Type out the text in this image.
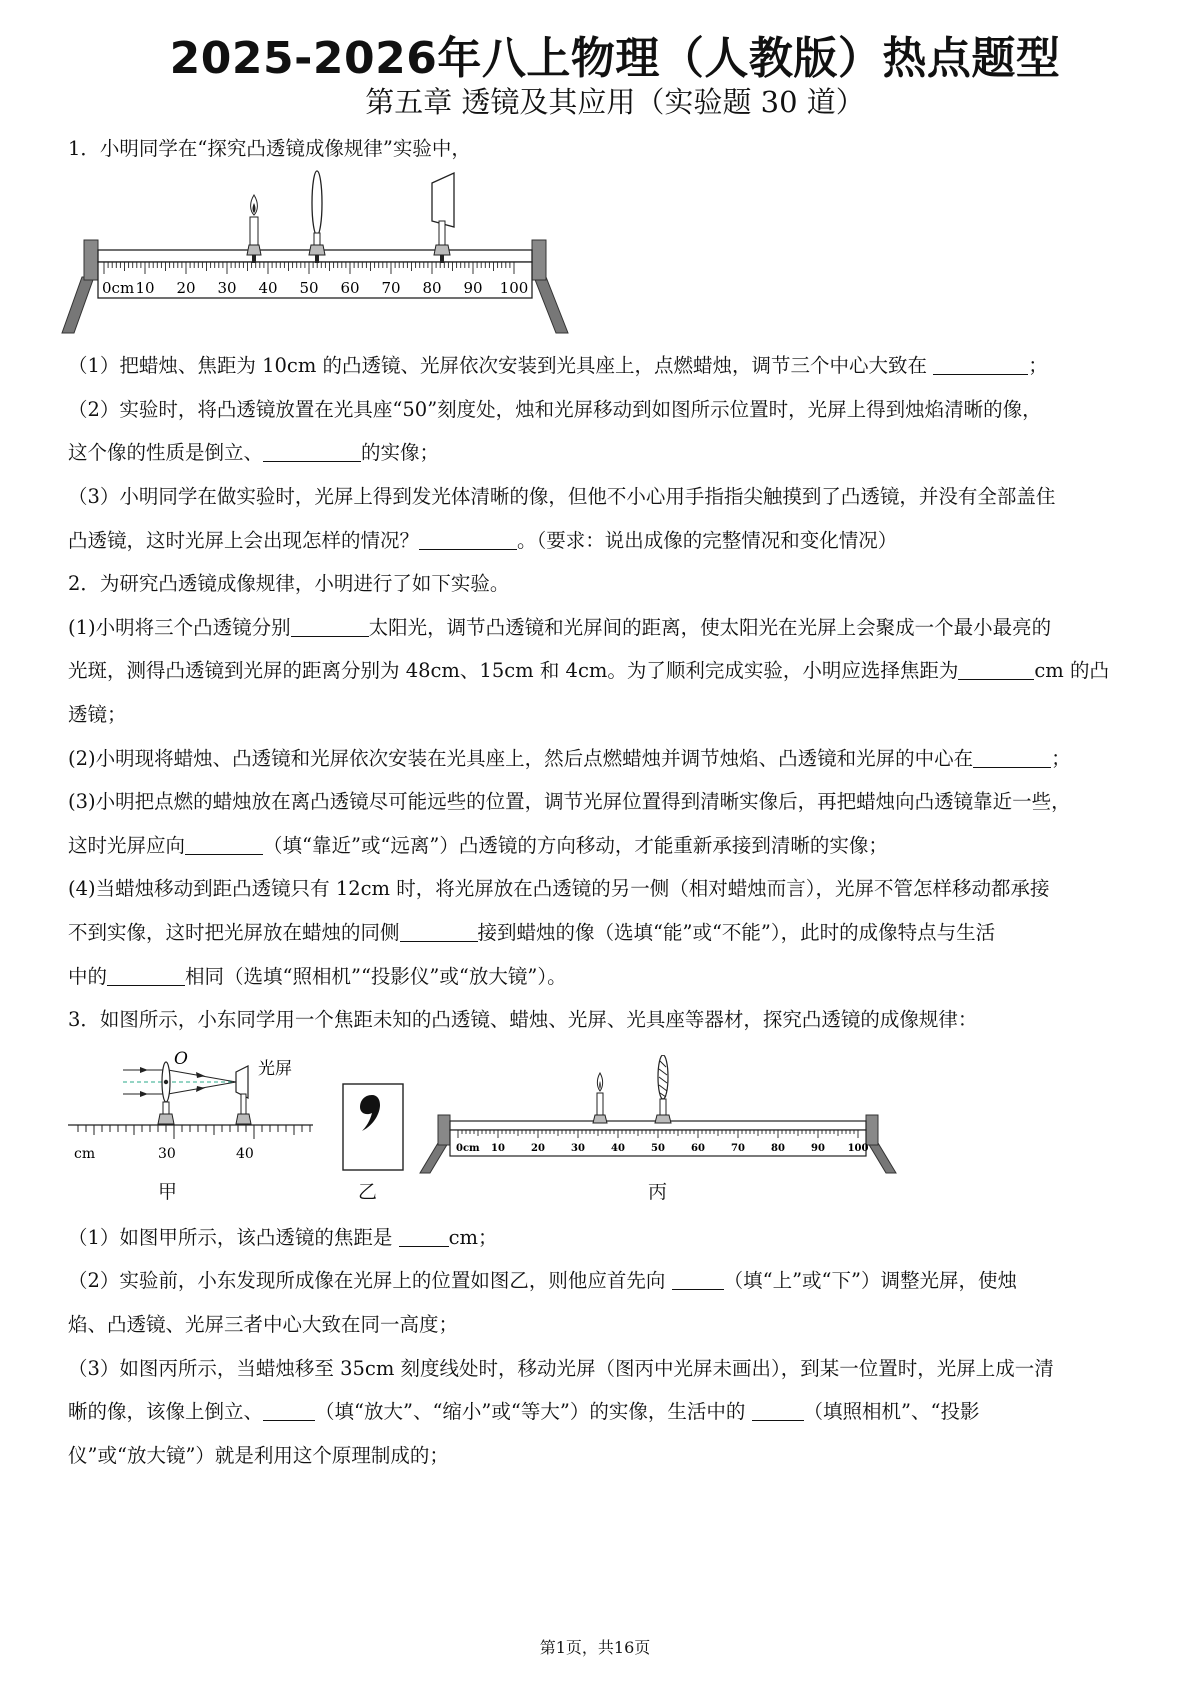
2025-2026年八上物理（人教版）热点题型
第五章 透镜及其应用（实验题 30 道）
1．小明同学在“探究凸透镜成像规律”实验中，
0cm 10 20 30 40 50 60 70 80 90 100
（1）把蜡烛、焦距为 10cm 的凸透镜、光屏依次安装到光具座上，点燃蜡烛，调节三个中心大致在	；
（2）实验时，将凸透镜放置在光具座“50”刻度处，烛和光屏移动到如图所示位置时，光屏上得到烛焰清晰的像，
这个像的性质是倒立、	的实像；
（3）小明同学在做实验时，光屏上得到发光体清晰的像，但他不小心用手指指尖触摸到了凸透镜，并没有全部盖住
凸透镜，这时光屏上会出现怎样的情况？	。（要求：说出成像的完整情况和变化情况）
2．为研究凸透镜成像规律，小明进行了如下实验。
(1)小明将三个凸透镜分别	太阳光，调节凸透镜和光屏间的距离，使太阳光在光屏上会聚成一个最小最亮的
光斑，测得凸透镜到光屏的距离分别为 48cm、15cm 和 4cm。为了顺利完成实验，小明应选择焦距为	cm 的凸
透镜；
(2)小明现将蜡烛、凸透镜和光屏依次安装在光具座上，然后点燃蜡烛并调节烛焰、凸透镜和光屏的中心在	；
(3)小明把点燃的蜡烛放在离凸透镜尽可能远些的位置，调节光屏位置得到清晰实像后，再把蜡烛向凸透镜靠近一些，
这时光屏应向	（填“靠近”或“远离”）凸透镜的方向移动，才能重新承接到清晰的实像；
(4)当蜡烛移动到距凸透镜只有 12cm 时，将光屏放在凸透镜的另一侧（相对蜡烛而言），光屏不管怎样移动都承接
不到实像，这时把光屏放在蜡烛的同侧	接到蜡烛的像（选填“能”或“不能”），此时的成像特点与生活
中的	相同（选填“照相机”“投影仪”或“放大镜”）。
3．如图所示，小东同学用一个焦距未知的凸透镜、蜡烛、光屏、光具座等器材，探究凸透镜的成像规律：
O	光屏
cm	30	40
甲	乙
0cm 10	20	30	40	50	60	70	80	90 100
丙
（1）如图甲所示，该凸透镜的焦距是	cm；
（2）实验前，小东发现所成像在光屏上的位置如图乙，则他应首先向	（填“上”或“下”）调整光屏，使烛
焰、凸透镜、光屏三者中心大致在同一高度；
（3）如图丙所示，当蜡烛移至 35cm 刻度线处时，移动光屏（图丙中光屏未画出），到某一位置时，光屏上成一清
晰的像，该像上倒立、	（填“放大”、“缩小”或“等大”）的实像，生活中的	（填照相机”、“投影
仪”或“放大镜”）就是利用这个原理制成的；
第1页，共16页
